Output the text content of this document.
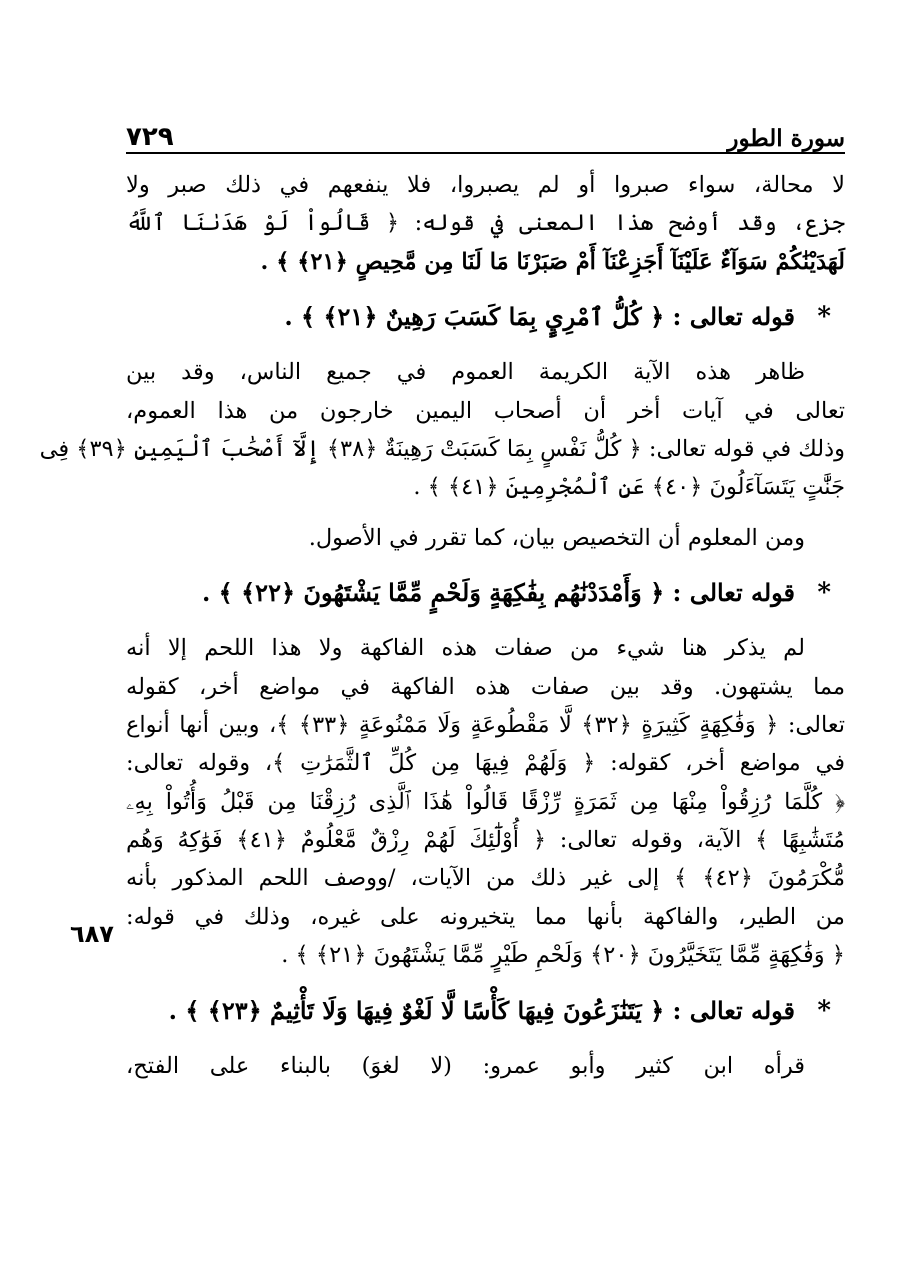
٦٨٧
سورة الطور
٧٢٩
لا محالة، سواء صبروا أو لم يصبروا، فلا ينفعهم في ذلك صبر ولا
جزع، وقد أوضح هذا المعنى في قوله: ﴿ قَالُواْ لَوْ هَدَىٰنَا ٱللَّهُ
لَهَدَيْنَٰكُمْ سَوَآءٌ عَلَيْنَآ أَجَزِعْنَآ أَمْ صَبَرْنَا مَا لَنَا مِن مَّحِيصٍ ﴿٢١﴾ ﴾ .
* قوله تعالى : ﴿ كُلُّ ٱمْرِيٍٕ بِمَا كَسَبَ رَهِينٌ ﴿٢١﴾ ﴾ .
ظاهر هذه الآية الكريمة العموم في جميع الناس، وقد بين
تعالى في آيات أخر أن أصحاب اليمين خارجون من هذا العموم،
وذلك في قوله تعالى: ﴿ كُلُّ نَفْسٍ بِمَا كَسَبَتْ رَهِينَةٌ ﴿٣٨﴾ إِلَّآ أَصْحَٰبَ ٱلْيَمِينِ ﴿٣٩﴾ فِى
جَنَّٰتٍ يَتَسَآءَلُونَ ﴿٤٠﴾ عَنِ ٱلْمُجْرِمِينَ ﴿٤١﴾ ﴾ .
ومن المعلوم أن التخصيص بيان، كما تقرر في الأصول.
* قوله تعالى : ﴿ وَأَمْدَدْنَٰهُم بِفَٰكِهَةٍ وَلَحْمٍ مِّمَّا يَشْتَهُونَ ﴿٢٢﴾ ﴾ .
لم يذكر هنا شيء من صفات هذه الفاكهة ولا هذا اللحم إلا أنه
مما يشتهون. وقد بين صفات هذه الفاكهة في مواضع أخر، كقوله
تعالى: ﴿ وَفَٰكِهَةٍ كَثِيرَةٍ ﴿٣٢﴾ لَّا مَقْطُوعَةٍ وَلَا مَمْنُوعَةٍ ﴿٣٣﴾ ﴾، وبين أنها أنواع
في مواضع أخر، كقوله: ﴿ وَلَهُمْ فِيهَا مِن كُلِّ ٱلثَّمَرَٰتِ ﴾، وقوله تعالى:
﴿ كُلَّمَا رُزِقُواْ مِنْهَا مِن ثَمَرَةٍ رِّزْقًا قَالُواْ هَٰذَا ٱلَّذِى رُزِقْنَا مِن قَبْلُ وَأُتُواْ بِهِۦ
مُتَشَٰبِهًا ﴾ الآية، وقوله تعالى: ﴿ أُوْلَٰٓئِكَ لَهُمْ رِزْقٌ مَّعْلُومٌ ﴿٤١﴾ فَوَٰكِهُ وَهُم
مُّكْرَمُونَ ﴿٤٢﴾ ﴾ إلى غير ذلك من الآيات، /ووصف اللحم المذكور بأنه
من الطير، والفاكهة بأنها مما يتخيرونه على غيره، وذلك في قوله:
﴿ وَفَٰكِهَةٍ مِّمَّا يَتَخَيَّرُونَ ﴿٢٠﴾ وَلَحْمِ طَيْرٍ مِّمَّا يَشْتَهُونَ ﴿٢١﴾ ﴾ .
* قوله تعالى : ﴿ يَتَنَٰزَعُونَ فِيهَا كَأْسًا لَّا لَغْوٌ فِيهَا وَلَا تَأْثِيمٌ ﴿٢٣﴾ ﴾ .
قرأه ابن كثير وأبو عمرو: (لا لغوَ) بالبناء على الفتح،
